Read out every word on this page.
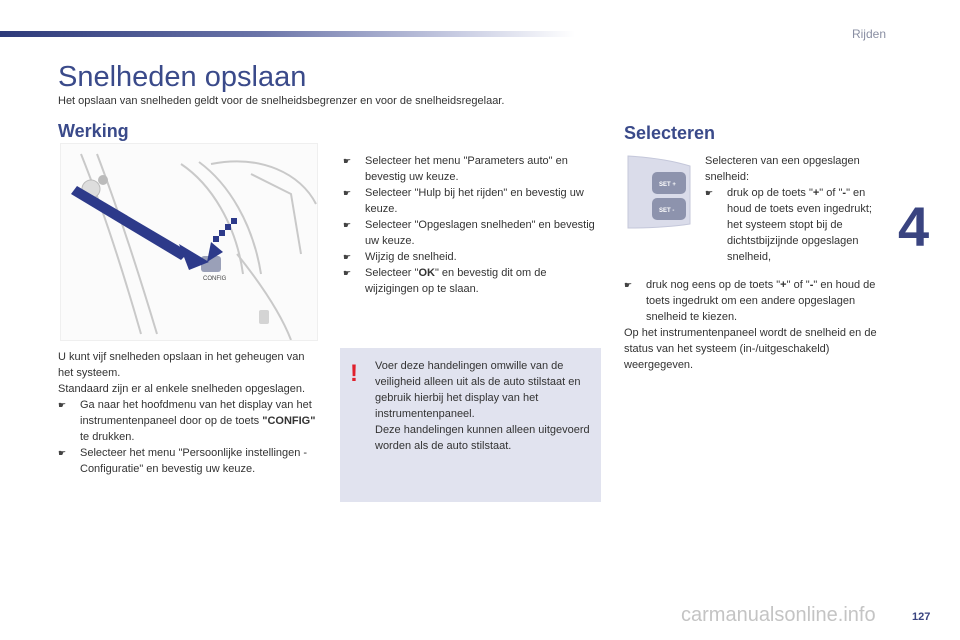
Rijden
4
Snelheden opslaan
Het opslaan van snelheden geldt voor de snelheidsbegrenzer en voor de snelheidsregelaar.
Werking
CONFIG
☛ Selecteer het menu "Parameters auto" en bevestig uw keuze.
☛ Selecteer "Hulp bij het rijden" en bevestig uw keuze.
☛ Selecteer "Opgeslagen snelheden" en bevestig uw keuze.
☛ Wijzig de snelheid.
☛ Selecteer "OK" en bevestig dit om de wijzigingen op te slaan.
U kunt vijf snelheden opslaan in het geheugen van het systeem.
Standaard zijn er al enkele snelheden opgeslagen.
☛ Ga naar het hoofdmenu van het display van het instrumentenpaneel door op de toets "CONFIG" te drukken.
☛ Selecteer het menu "Persoonlijke instellingen - Configuratie" en bevestig uw keuze.
! Voer deze handelingen omwille van de veiligheid alleen uit als de auto stilstaat en gebruik hierbij het display van het instrumentenpaneel.
Deze handelingen kunnen alleen uitgevoerd worden als de auto stilstaat.
Selecteren
SET +
SET -
Selecteren van een opgeslagen snelheid:
☛ druk op de toets "+" of "-" en houd de toets even ingedrukt; het systeem stopt bij de dichtstbijzijnde opgeslagen snelheid,
☛ druk nog eens op de toets "+" of "-" en houd de toets ingedrukt om een andere opgeslagen snelheid te kiezen.
Op het instrumentenpaneel wordt de snelheid en de status van het systeem (in-/uitgeschakeld) weergegeven.
carmanualsonline.info	127
